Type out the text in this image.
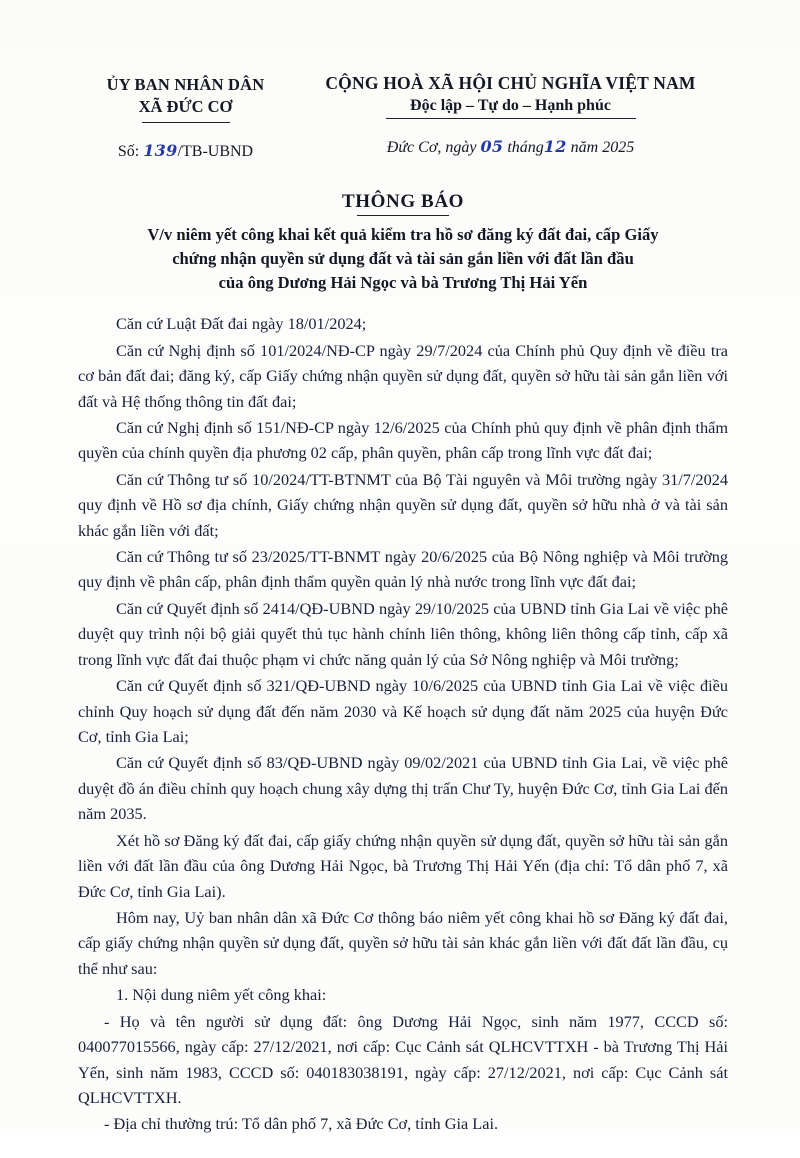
ỦY BAN NHÂN DÂN
XÃ ĐỨC CƠ
Số: 139/TB-UBND
CỘNG HOÀ XÃ HỘI CHỦ NGHĨA VIỆT NAM
Độc lập – Tự do – Hạnh phúc
Đức Cơ, ngày 05 tháng12 năm 2025
THÔNG BÁO
V/v niêm yết công khai kết quả kiểm tra hồ sơ đăng ký đất đai, cấp Giấy
chứng nhận quyền sử dụng đất và tài sản gắn liền với đất lần đầu
của ông Dương Hải Ngọc và bà Trương Thị Hải Yến

Căn cứ Luật Đất đai ngày 18/01/2024;

Căn cứ Nghị định số 101/2024/NĐ-CP ngày 29/7/2024 của Chính phủ Quy định về điều tra cơ bản đất đai; đăng ký, cấp Giấy chứng nhận quyền sử dụng đất, quyền sở hữu tài sản gắn liền với đất và Hệ thống thông tin đất đai;

Căn cứ Nghị định số 151/NĐ-CP ngày 12/6/2025 của Chính phủ quy định về phân định thẩm quyền của chính quyền địa phương 02 cấp, phân quyền, phân cấp trong lĩnh vực đất đai;

Căn cứ Thông tư số 10/2024/TT-BTNMT của Bộ Tài nguyên và Môi trường ngày 31/7/2024 quy định về Hồ sơ địa chính, Giấy chứng nhận quyền sử dụng đất, quyền sở hữu nhà ở và tài sản khác gắn liền với đất;

Căn cứ Thông tư số 23/2025/TT-BNMT ngày 20/6/2025 của Bộ Nông nghiệp và Môi trường quy định về phân cấp, phân định thẩm quyền quản lý nhà nước trong lĩnh vực đất đai;

Căn cứ Quyết định số 2414/QĐ-UBND ngày 29/10/2025 của UBND tỉnh Gia Lai về việc phê duyệt quy trình nội bộ giải quyết thủ tục hành chính liên thông, không liên thông cấp tỉnh, cấp xã trong lĩnh vực đất đai thuộc phạm vi chức năng quản lý của Sở Nông nghiệp và Môi trường;

Căn cứ Quyết định số 321/QĐ-UBND ngày 10/6/2025 của UBND tỉnh Gia Lai về việc điều chỉnh Quy hoạch sử dụng đất đến năm 2030 và Kế hoạch sử dụng đất năm 2025 của huyện Đức Cơ, tỉnh Gia Lai;

Căn cứ Quyết định số 83/QĐ-UBND ngày 09/02/2021 của UBND tỉnh Gia Lai, về việc phê duyệt đồ án điều chỉnh quy hoạch chung xây dựng thị trấn Chư Ty, huyện Đức Cơ, tỉnh Gia Lai đến năm 2035.

Xét hồ sơ Đăng ký đất đai, cấp giấy chứng nhận quyền sử dụng đất, quyền sở hữu tài sản gắn liền với đất lần đầu của ông Dương Hải Ngọc, bà Trương Thị Hải Yến (địa chỉ: Tổ dân phố 7, xã Đức Cơ, tỉnh Gia Lai).

Hôm nay, Uỷ ban nhân dân xã Đức Cơ thông báo niêm yết công khai hồ sơ Đăng ký đất đai, cấp giấy chứng nhận quyền sử dụng đất, quyền sở hữu tài sản khác gắn liền với đất đất lần đầu, cụ thể như sau:

1. Nội dung niêm yết công khai:

- Họ và tên người sử dụng đất: ông Dương Hải Ngọc, sinh năm 1977, CCCD số: 040077015566, ngày cấp: 27/12/2021, nơi cấp: Cục Cảnh sát QLHCVTTXH - bà Trương Thị Hải Yến, sinh năm 1983, CCCD số: 040183038191, ngày cấp: 27/12/2021, nơi cấp: Cục Cảnh sát QLHCVTTXH.

- Địa chỉ thường trú: Tổ dân phố 7, xã Đức Cơ, tỉnh Gia Lai.
